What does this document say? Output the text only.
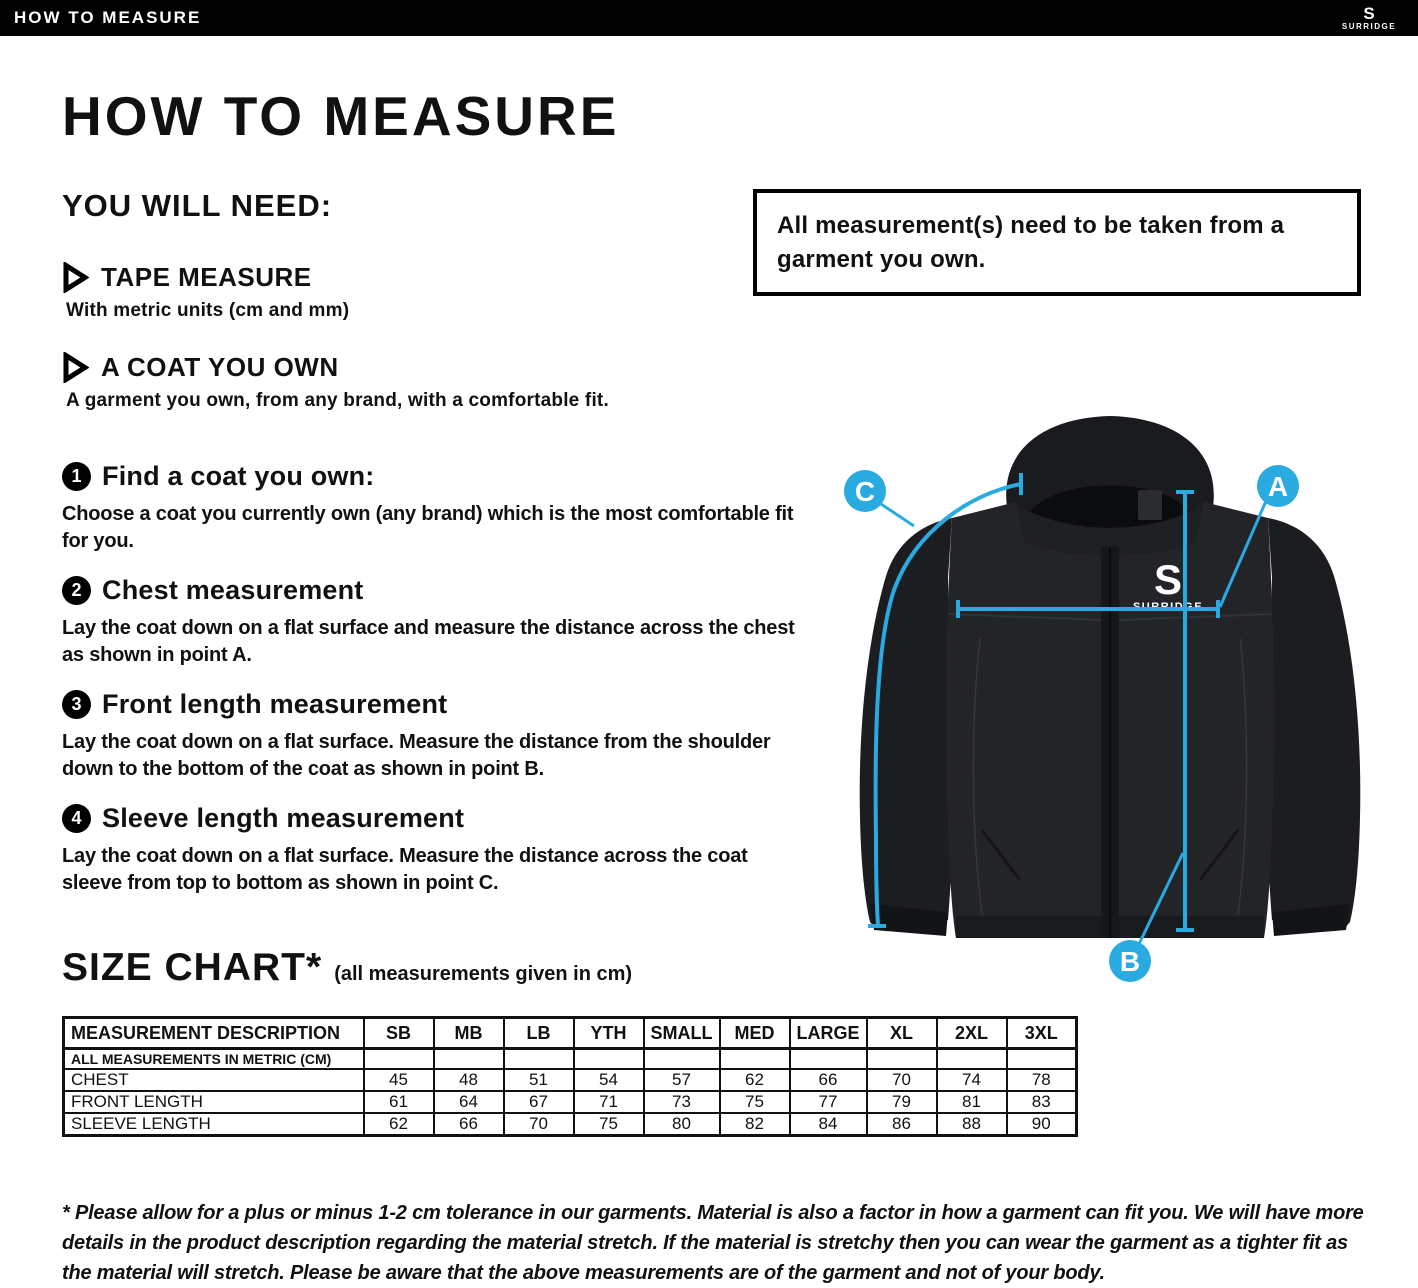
HOW TO MEASURE	S
SURRIDGE
HOW TO MEASURE
YOU WILL NEED:
TAPE MEASURE
With metric units (cm and mm)
A COAT YOU OWN
A garment you own, from any brand, with a comfortable fit.

All measurement(s) need to be taken from a garment you own.

1 Find a coat you own:
Choose a coat you currently own (any brand) which is the most comfortable fit for you.
2 Chest measurement
Lay the coat down on a flat surface and measure the distance across the chest as shown in point A.
3 Front length measurement
Lay the coat down on a flat surface. Measure the distance from the shoulder down to the bottom of the coat as shown in point B.
4 Sleeve length measurement
Lay the coat down on a flat surface. Measure the distance across the coat sleeve from top to bottom as shown in point C.
S
SURRIDGE
A
B
C
SIZE CHART* (all measurements given in cm)
MEASUREMENT DESCRIPTION	SB	MB	LB	YTH	SMALL	MED	LARGE	XL	2XL	3XL
ALL MEASUREMENTS IN METRIC (CM)										
CHEST	45	48	51	54	57	62	66	70	74	78
FRONT LENGTH	61	64	67	71	73	75	77	79	81	83
SLEEVE LENGTH	62	66	70	75	80	82	84	86	88	90

* Please allow for a plus or minus 1-2 cm tolerance in our garments. Material is also a factor in how a garment can fit you. We will have more details in the product description regarding the material stretch. If the material is stretchy then you can wear the garment as a tighter fit as the material will stretch. Please be aware that the above measurements are of the garment and not of your body.
